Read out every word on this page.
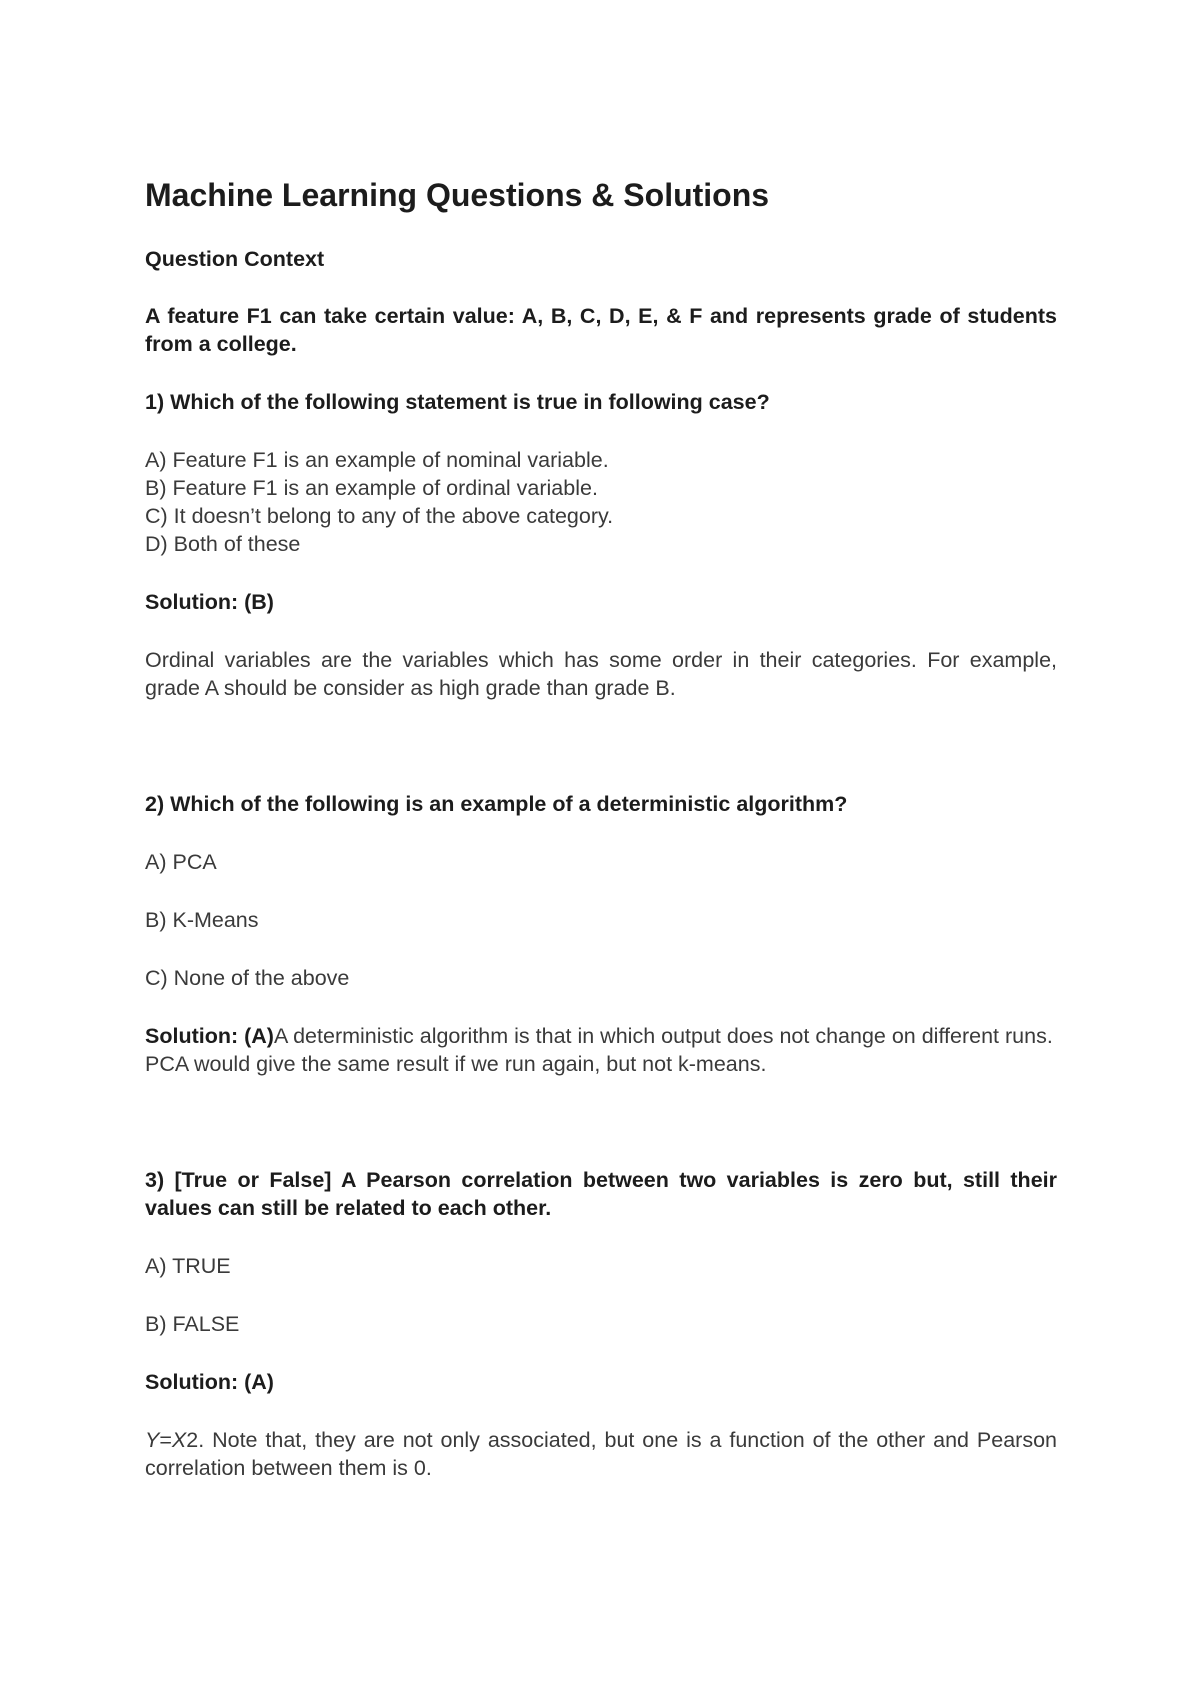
Machine Learning Questions & Solutions

Question Context

A feature F1 can take certain value: A, B, C, D, E, & F and represents grade of students from a college.

1) Which of the following statement is true in following case?

A) Feature F1 is an example of nominal variable.

B) Feature F1 is an example of ordinal variable.

C) It doesn’t belong to any of the above category.

D) Both of these

Solution: (B)

Ordinal variables are the variables which has some order in their categories. For example, grade A should be consider as high grade than grade B.

2) Which of the following is an example of a deterministic algorithm?

A) PCA

B) K-Means

C) None of the above

Solution: (A)A deterministic algorithm is that in which output does not change on different runs. PCA would give the same result if we run again, but not k-means.

3) [True or False] A Pearson correlation between two variables is zero but, still their values can still be related to each other.

A) TRUE

B) FALSE

Solution: (A)

Y=X2. Note that, they are not only associated, but one is a function of the other and Pearson correlation between them is 0.
